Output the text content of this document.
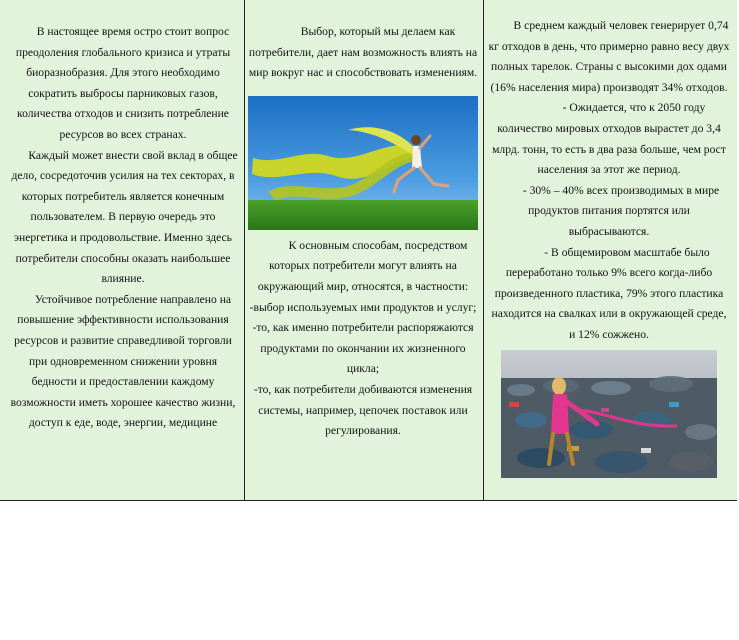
В настоящее время остро стоит вопрос преодоления глобального кризиса и утраты биоразнобразия. Для этого необходимо сократить выбросы парниковых газов, количества отходов и снизить потребление ресурсов во всех странах.

Каждый может внести свой вклад в общее дело, сосредоточив усилия на тех секторах, в которых потребитель является конечным пользователем. В первую очередь это энергетика и продовольствие. Именно здесь потребители способны оказать наибольшее влияние.

Устойчивое потребление направлено на повышение эффективности использования ресурсов и развитие справедливой торговли при одновременном снижении уровня бедности и предоставлении каждому возможности иметь хорошее качество жизни, доступ к еде, воде, энергии, медицине

Выбор, который мы делаем как потребители, дает нам возможность влиять на мир вокруг нас и способствовать изменениям.

К основным способам, посредством которых потребители могут влиять на окружающий мир, относятся, в частности:

-выбор используемых ими продуктов и услуг;

-то, как именно потребители распоряжаются продуктами по окончании их жизненного цикла;

-то, как потребители добиваются изменения системы, например, цепочек поставок или регулирования.

В среднем каждый человек генерирует 0,74 кг отходов в день, что примерно равно весу двух полных тарелок. Страны с высокими дох одами (16% населения мира) производят 34% отходов.

- Ожидается, что к 2050 году количество мировых отходов вырастет до 3,4 млрд. тонн, то есть в два раза больше, чем рост населения за этот же период.

- 30% – 40% всех производимых в мире продуктов питания портятся или выбрасываются.

- В общемировом масштабе было переработано только 9% всего когда-либо произведенного пластика, 79% этого пластика находится на свалках или в окружающей среде, и 12% сожжено.
